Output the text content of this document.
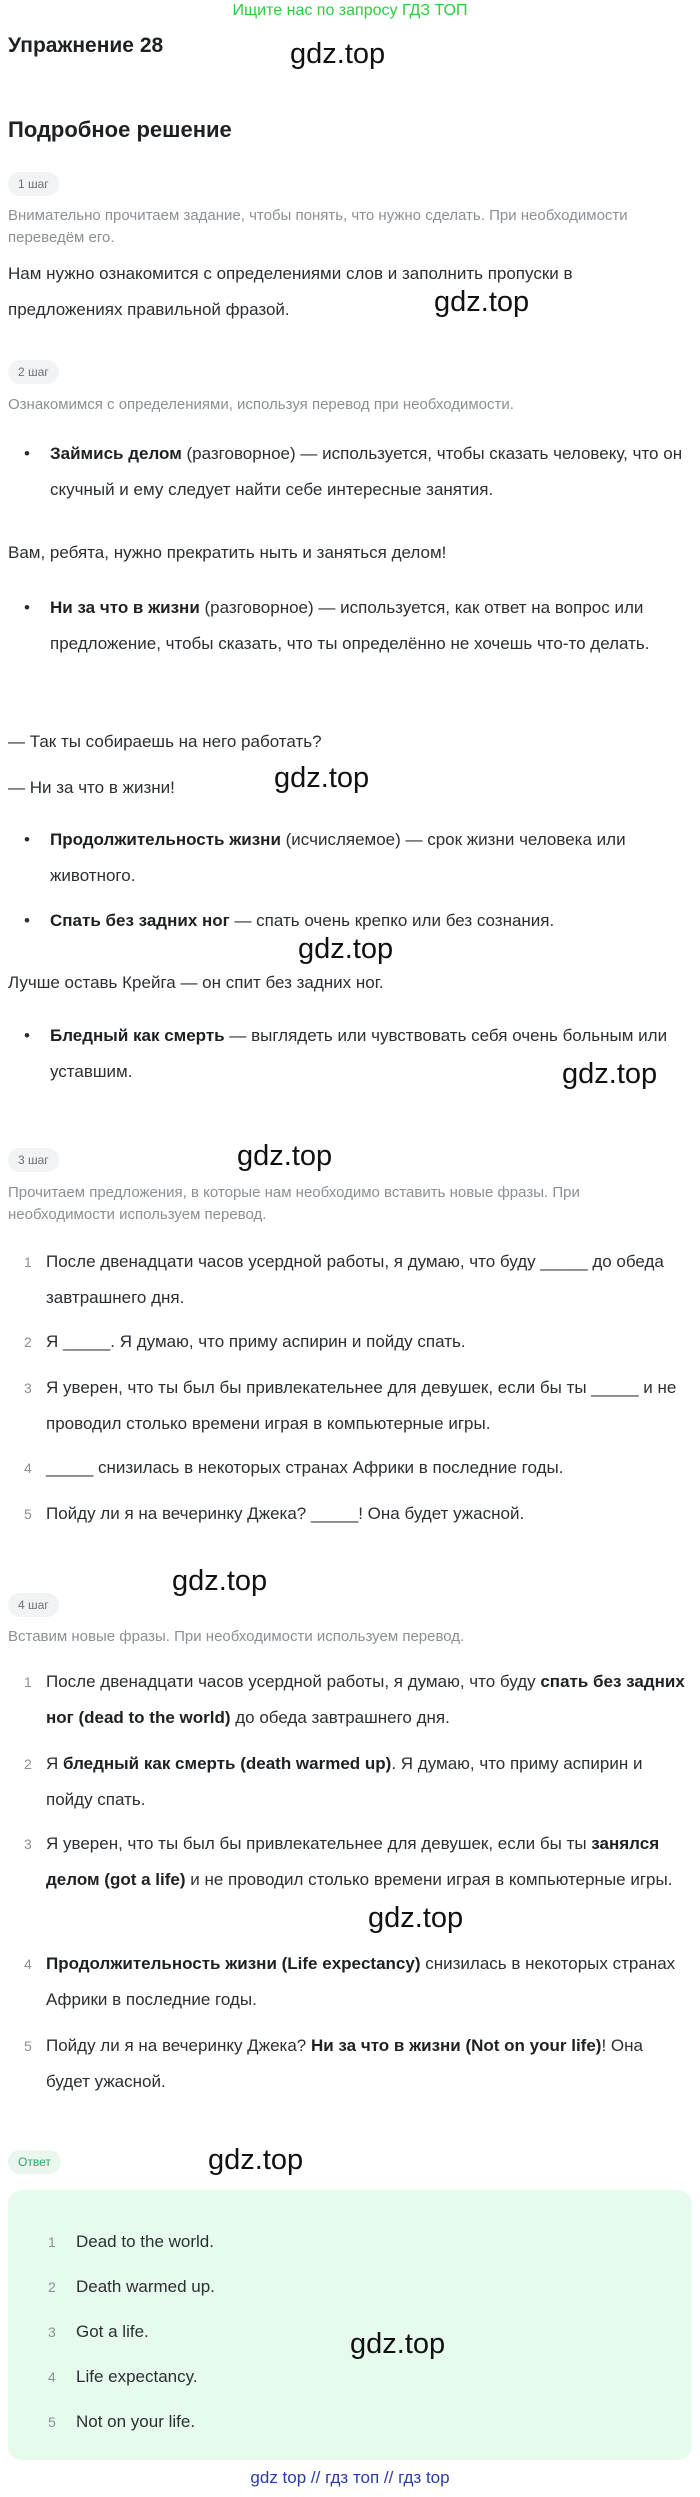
Ищите нас по запросу ГДЗ ТОП
Упражнение 28	gdz.top
Подробное решение
1 шаг
Внимательно прочитаем задание, чтобы понять, что нужно сделать. При необходимости переведём его.
Нам нужно ознакомится с определениями слов и заполнить пропуски в предложениях правильной фразой.	gdz.top
2 шаг
Ознакомимся с определениями, используя перевод при необходимости.
• Займись делом (разговорное) — используется, чтобы сказать человеку, что он скучный и ему следует найти себе интересные занятия.
Вам, ребята, нужно прекратить ныть и заняться делом!
• Ни за что в жизни (разговорное) — используется, как ответ на вопрос или предложение, чтобы сказать, что ты определённо не хочешь что-то делать.
— Так ты собираешь на него работать?
— Ни за что в жизни!	gdz.top
• Продолжительность жизни (исчисляемое) — срок жизни человека или животного.
• Спать без задних ног — спать очень крепко или без сознания.
gdz.top
Лучше оставь Крейга — он спит без задних ног.
• Бледный как смерть — выглядеть или чувствовать себя очень больным или уставшим.	gdz.top
3 шаг	gdz.top
Прочитаем предложения, в которые нам необходимо вставить новые фразы. При необходимости используем перевод.
1 После двенадцати часов усердной работы, я думаю, что буду _____ до обеда завтрашнего дня.
2 Я _____. Я думаю, что приму аспирин и пойду спать.
3 Я уверен, что ты был бы привлекательнее для девушек, если бы ты _____ и не проводил столько времени играя в компьютерные игры.
4 _____ снизилась в некоторых странах Африки в последние годы.
5 Пойду ли я на вечеринку Джека? _____! Она будет ужасной.
gdz.top
4 шаг
Вставим новые фразы. При необходимости используем перевод.
1 После двенадцати часов усердной работы, я думаю, что буду спать без задних ног (dead to the world) до обеда завтрашнего дня.
2 Я бледный как смерть (death warmed up). Я думаю, что приму аспирин и пойду спать.
3 Я уверен, что ты был бы привлекательнее для девушек, если бы ты занялся делом (got a life) и не проводил столько времени играя в компьютерные игры.
gdz.top
4 Продолжительность жизни (Life expectancy) снизилась в некоторых странах Африки в последние годы.
5 Пойду ли я на вечеринку Джека? Ни за что в жизни (Not on your life)! Она будет ужасной.
Ответ	gdz.top
1 Dead to the world.
2 Death warmed up.
3 Got a life.
4 Life expectancy.
5 Not on your life.
gdz.top
gdz top // гдз топ // гдз top
